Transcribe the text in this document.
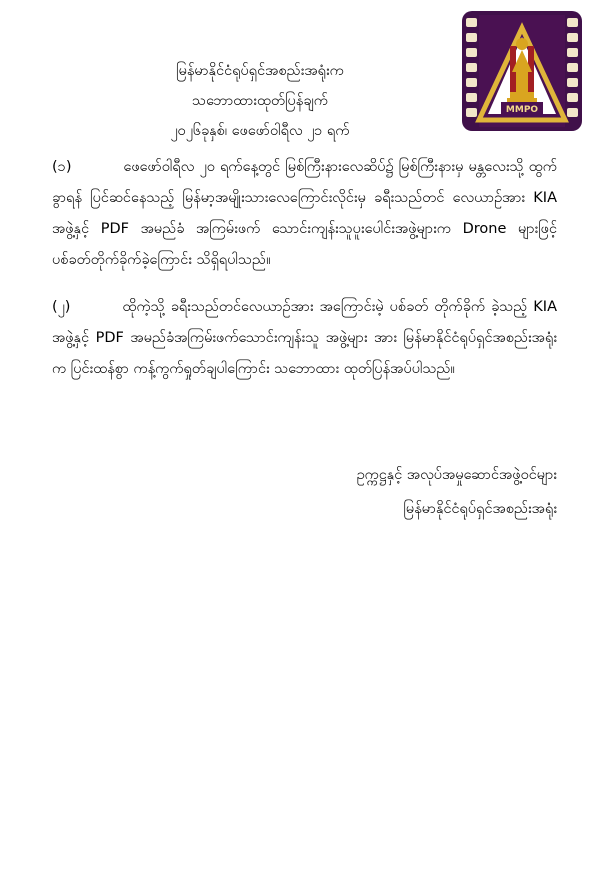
MMPO
မြန်မာနိုင်ငံရုပ်ရှင်အစည်းအရုံးက
သဘောထားထုတ်ပြန်ချက်
၂၀၂၆ခုနှစ်၊ ဖေဖော်ဝါရီလ ၂၁ ရက်

(၁)	ဖေဖော်ဝါရီလ ၂၀ ရက်နေ့တွင် မြစ်ကြီးနားလေဆိပ်၌ မြစ်ကြီးနားမှ မန္တလေးသို့ ထွက်ခွာရန် ပြင်ဆင်နေသည့် မြန်မာ့အမျိုးသားလေကြောင်းလိုင်းမှ ခရီးသည်တင် လေယာဉ်အား KIA အဖွဲ့နှင့် PDF အမည်ခံ အကြမ်းဖက် သောင်းကျန်းသူပူးပေါင်းအဖွဲ့များက Drone များဖြင့် ပစ်ခတ်တိုက်ခိုက်ခဲ့ကြောင်း သိရှိရပါသည်။

(၂)	ထိုကဲ့သို့ ခရီးသည်တင်လေယာဉ်အား အကြောင်းမဲ့ ပစ်ခတ် တိုက်ခိုက် ခဲ့သည့် KIA အဖွဲ့နှင့် PDF အမည်ခံအကြမ်းဖက်သောင်းကျန်းသူ အဖွဲ့များ အား မြန်မာနိုင်ငံရုပ်ရှင်အစည်းအရုံးက ပြင်းထန်စွာ ကန့်ကွက်ရှုတ်ချပါကြောင်း သဘောထား ထုတ်ပြန်အပ်ပါသည်။

ဥက္ကဋ္ဌနှင့် အလုပ်အမှုဆောင်အဖွဲ့ဝင်များ
မြန်မာနိုင်ငံရုပ်ရှင်အစည်းအရုံး
